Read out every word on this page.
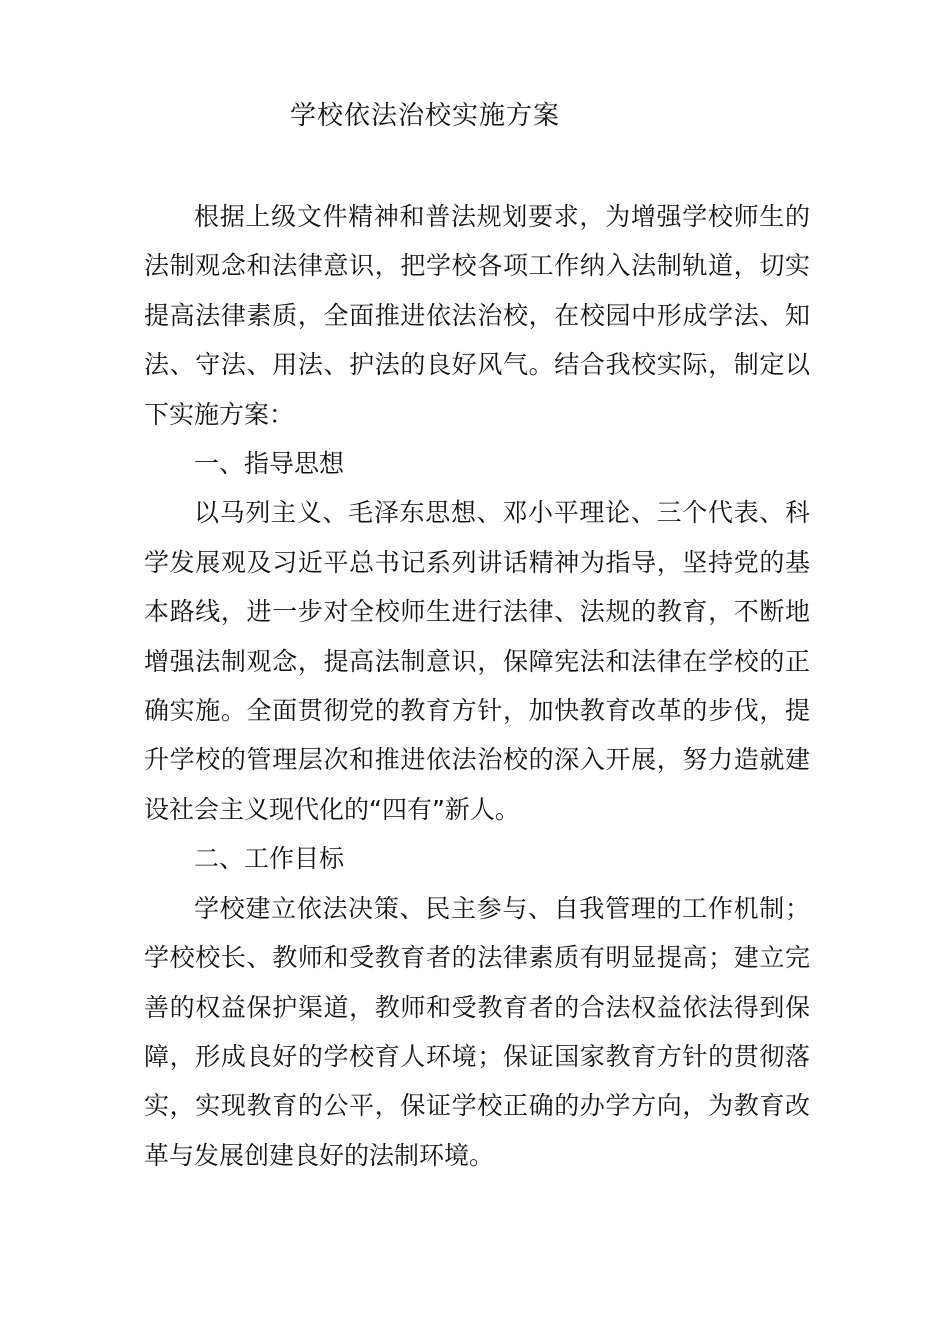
学校依法治校实施方案

根据上级文件精神和普法规划要求，为增强学校师生的法制观念和法律意识，把学校各项工作纳入法制轨道，切实提高法律素质，全面推进依法治校，在校园中形成学法、知法、守法、用法、护法的良好风气。结合我校实际，制定以下实施方案：

一、指导思想

以马列主义、毛泽东思想、邓小平理论、三个代表、科学发展观及习近平总书记系列讲话精神为指导，坚持党的基本路线，进一步对全校师生进行法律、法规的教育，不断地增强法制观念，提高法制意识，保障宪法和法律在学校的正确实施。全面贯彻党的教育方针，加快教育改革的步伐，提升学校的管理层次和推进依法治校的深入开展，努力造就建设社会主义现代化的“四有”新人。

二、工作目标

学校建立依法决策、民主参与、自我管理的工作机制；学校校长、教师和受教育者的法律素质有明显提高；建立完善的权益保护渠道，教师和受教育者的合法权益依法得到保障，形成良好的学校育人环境；保证国家教育方针的贯彻落实，实现教育的公平，保证学校正确的办学方向，为教育改革与发展创建良好的法制环境。
